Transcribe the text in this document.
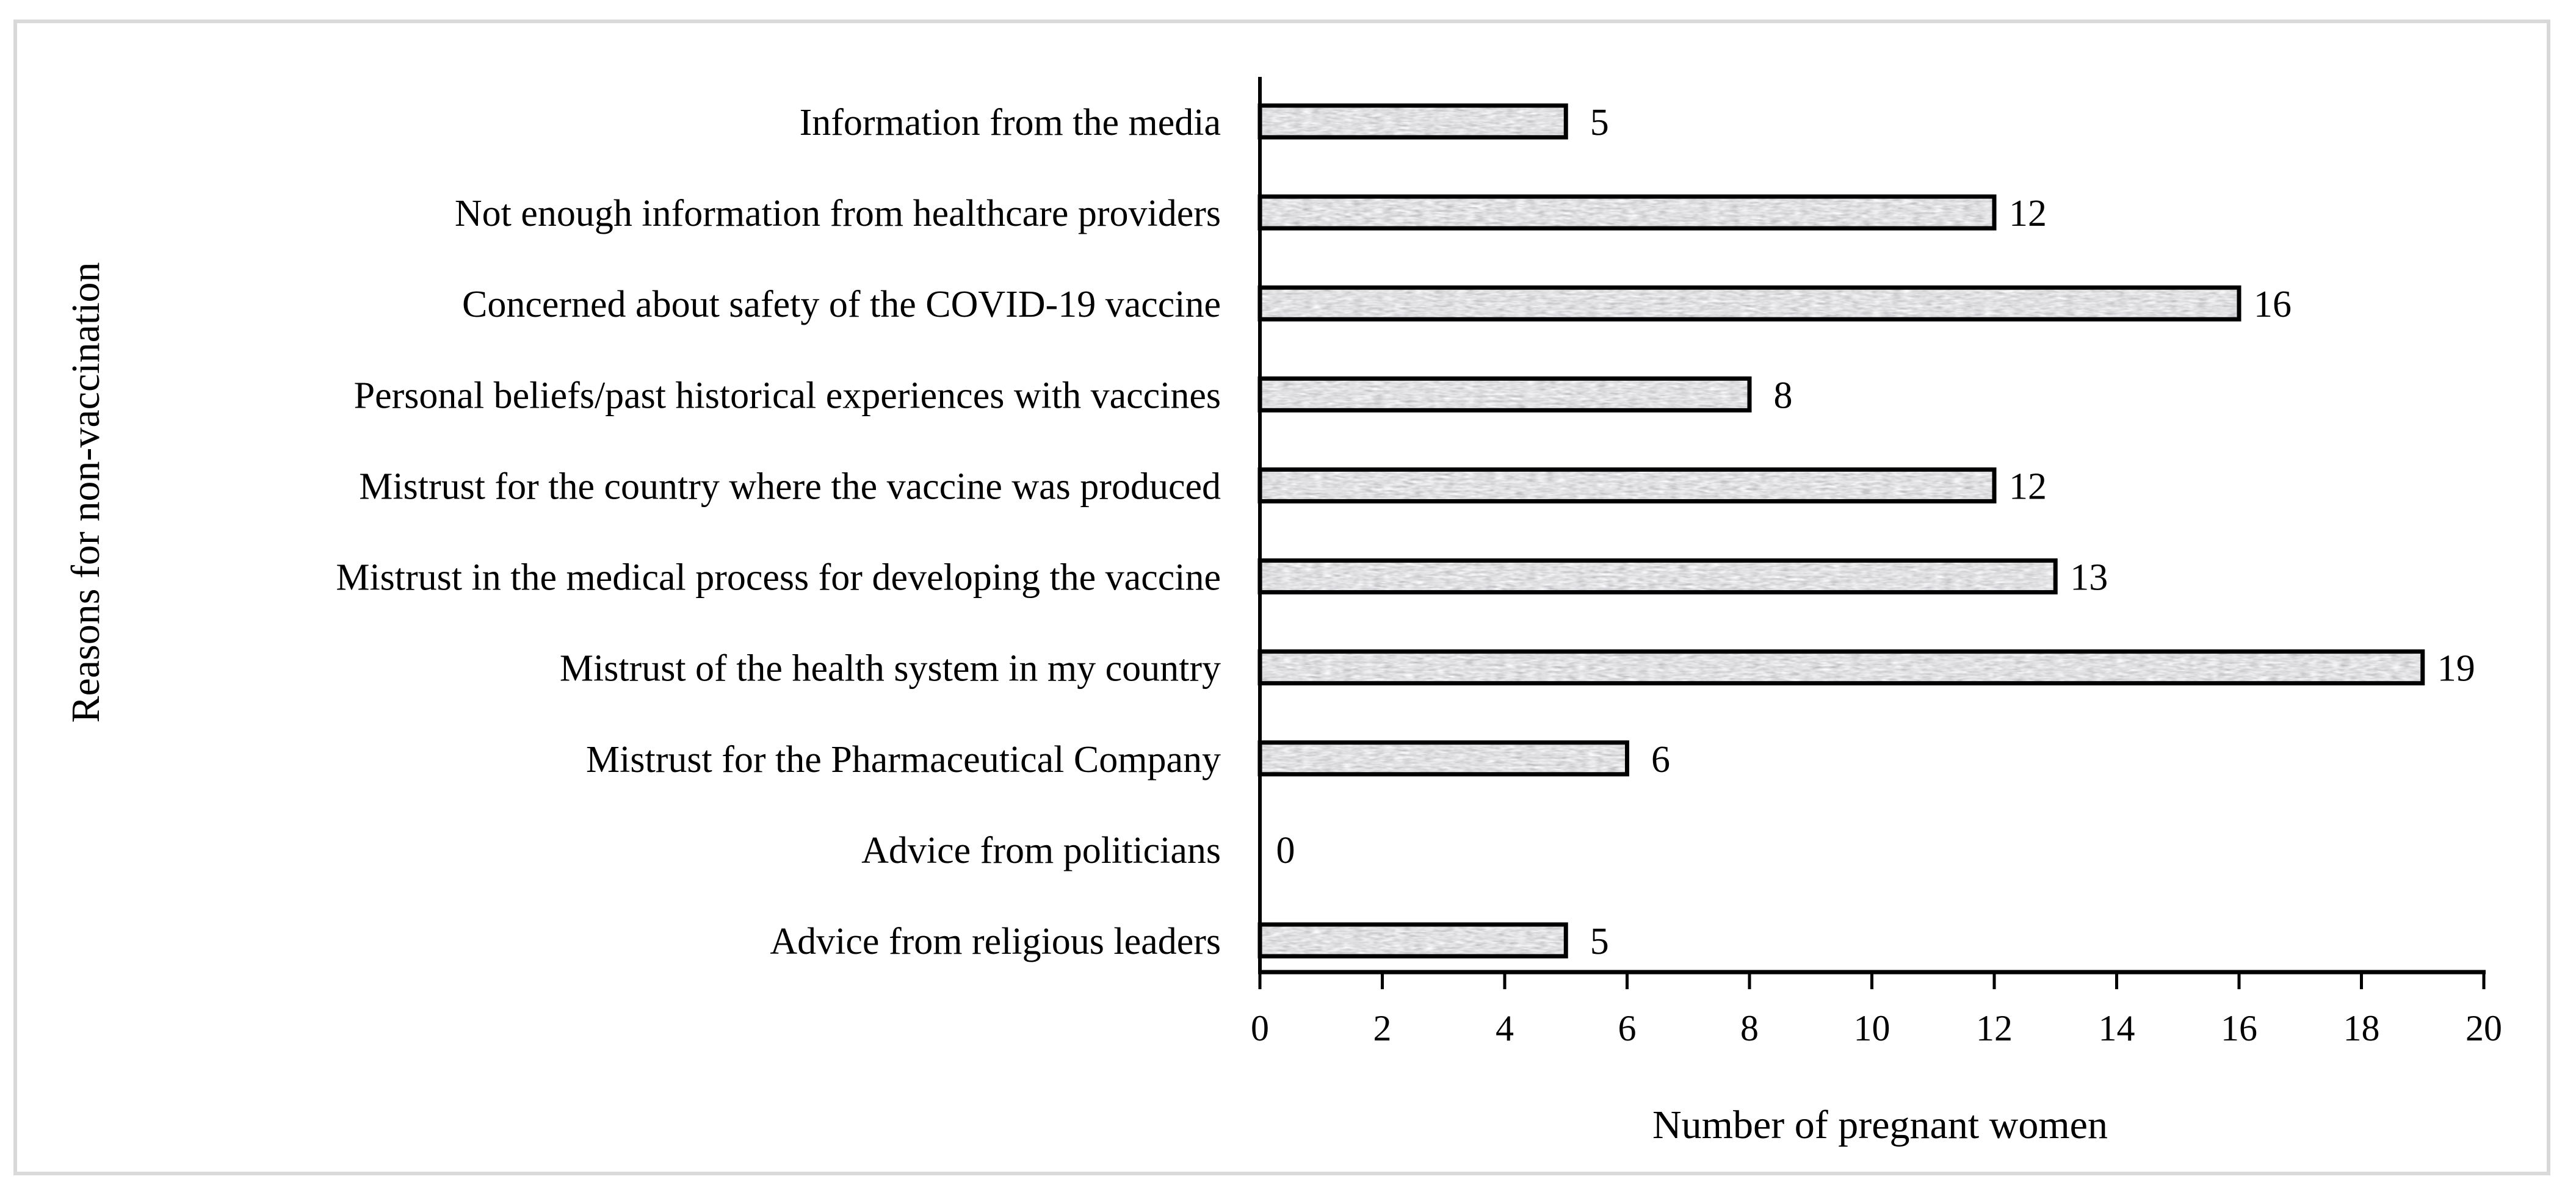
Information from the media	5
Not enough information from healthcare providers	12
Concerned about safety of the COVID-19 vaccine	16
Personal beliefs/past historical experiences with vaccines	8
Mistrust for the country where the vaccine was produced	12
Mistrust in the medical process for developing the vaccine	13
Mistrust of the health system in my country	19
Mistrust for the Pharmaceutical Company	6
Advice from politicians 0
Advice from religious leaders	5
0	2	4	6	8	10 12 14 16 18 20
Number of pregnant women
Reasons for non-vaccination
